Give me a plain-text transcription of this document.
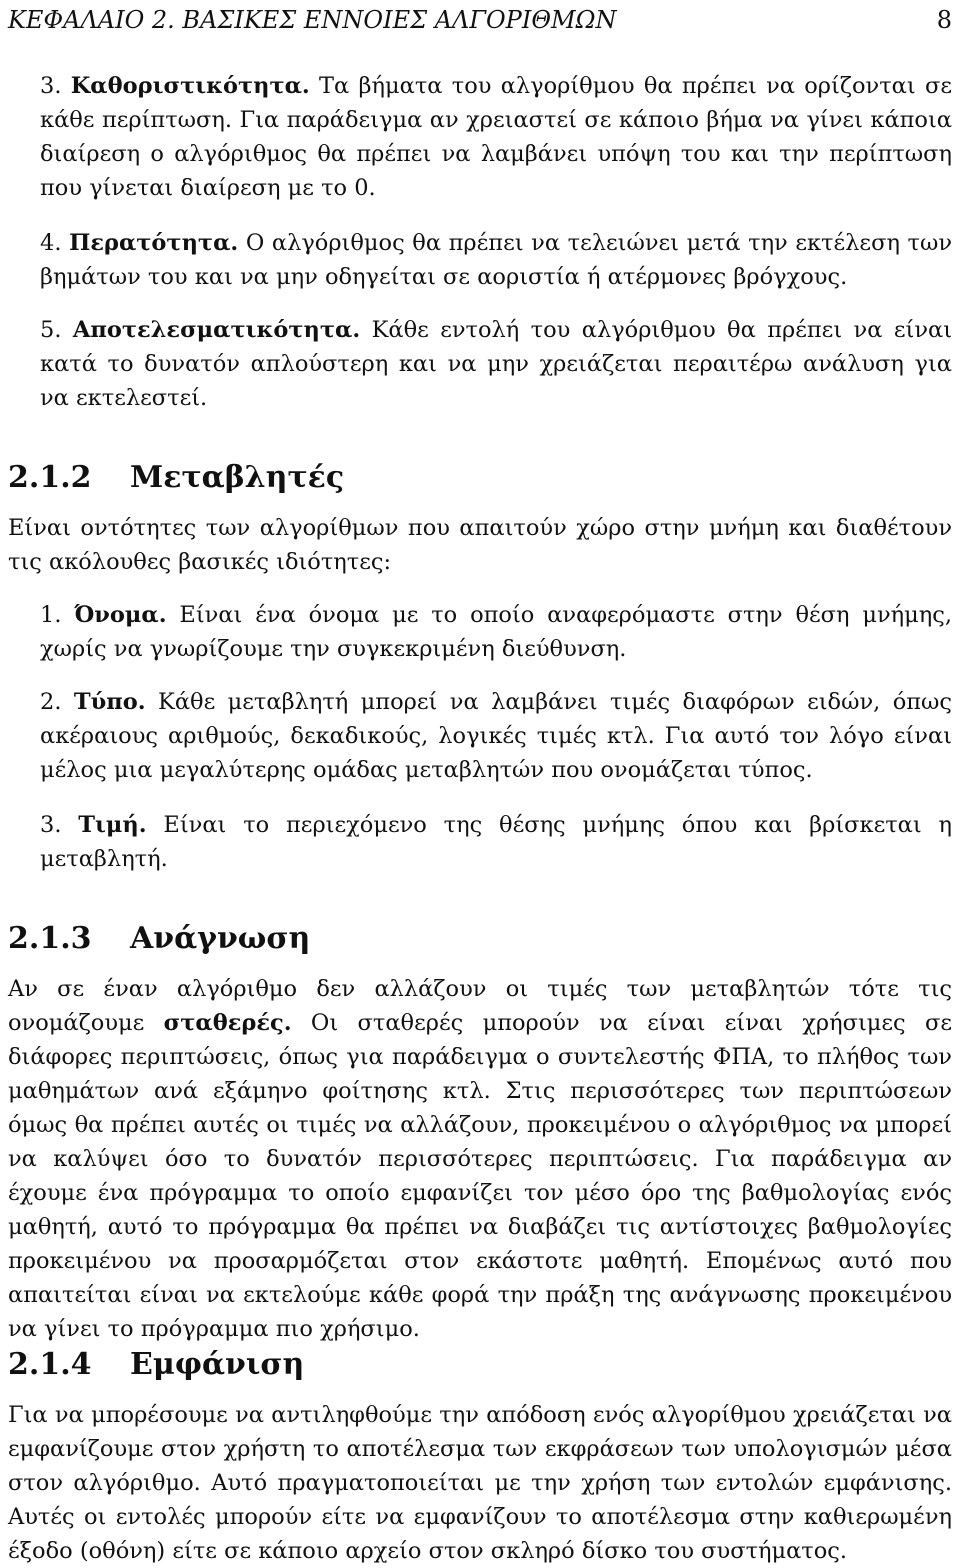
ΚΕΦΑΛΑΙΟ 2. ΒΑΣΙΚΕΣ ΕΝΝΟΙΕΣ ΑΛΓΟΡΙΘΜΩΝ	8
3. Καθοριστικότητα. Τα βήματα του αλγορίθμου θα πρέπει να ορίζονται σε κάθε περίπτωση. Για παράδειγμα αν χρειαστεί σε κάποιο βήμα να γίνει κάποια διαίρεση ο αλγόριθμος θα πρέπει να λαμβάνει υπόψη του και την περίπτωση που γίνεται διαίρεση με το 0.
4. Περατότητα. Ο αλγόριθμος θα πρέπει να τελειώνει μετά την εκτέλεση των βημάτων του και να μην οδηγείται σε αοριστία ή ατέρμονες βρόγχους.
5. Αποτελεσματικότητα. Κάθε εντολή του αλγόριθμου θα πρέπει να είναι κατά το δυνατόν απλούστερη και να μην χρειάζεται περαιτέρω ανάλυση για να εκτελεστεί.
2.1.2 Μεταβλητές
Είναι οντότητες των αλγορίθμων που απαιτούν χώρο στην μνήμη και διαθέτουν τις ακόλουθες βασικές ιδιότητες:
1. Όνομα. Είναι ένα όνομα με το οποίο αναφερόμαστε στην θέση μνήμης, χωρίς να γνωρίζουμε την συγκεκριμένη διεύθυνση.
2. Τύπο. Κάθε μεταβλητή μπορεί να λαμβάνει τιμές διαφόρων ειδών, όπως ακέραιους αριθμούς, δεκαδικούς, λογικές τιμές κτλ. Για αυτό τον λόγο είναι μέλος μια μεγαλύτερης ομάδας μεταβλητών που ονομάζεται τύπος.
3. Τιμή. Είναι το περιεχόμενο της θέσης μνήμης όπου και βρίσκεται η μεταβλητή.
2.1.3 Ανάγνωση
Αν σε έναν αλγόριθμο δεν αλλάζουν οι τιμές των μεταβλητών τότε τις ονομάζουμε σταθερές. Οι σταθερές μπορούν να είναι είναι χρήσιμες σε διάφορες περιπτώσεις, όπως για παράδειγμα ο συντελεστής ΦΠΑ, το πλήθος των μαθημάτων ανά εξάμηνο φοίτησης κτλ. Στις περισσότερες των περιπτώσεων όμως θα πρέπει αυτές οι τιμές να αλλάζουν, προκειμένου ο αλγόριθμος να μπορεί να καλύψει όσο το δυνατόν περισσότερες περιπτώσεις. Για παράδειγμα αν έχουμε ένα πρόγραμμα το οποίο εμφανίζει τον μέσο όρο της βαθμολογίας ενός μαθητή, αυτό το πρόγραμμα θα πρέπει να διαβάζει τις αντίστοιχες βαθμολογίες προκειμένου να προσαρμόζεται στον εκάστοτε μαθητή. Επομένως αυτό που απαιτείται είναι να εκτελούμε κάθε φορά την πράξη της ανάγνωσης προκειμένου να γίνει το πρόγραμμα πιο χρήσιμο.
2.1.4 Εμφάνιση
Για να μπορέσουμε να αντιληφθούμε την απόδοση ενός αλγορίθμου χρειάζεται να εμφανίζουμε στον χρήστη το αποτέλεσμα των εκφράσεων των υπολογισμών μέσα στον αλγόριθμο. Αυτό πραγματοποιείται με την χρήση των εντολών εμφάνισης. Αυτές οι εντολές μπορούν είτε να εμφανίζουν το αποτέλεσμα στην καθιερωμένη έξοδο (οθόνη) είτε σε κάποιο αρχείο στον σκληρό δίσκο του συστήματος.
